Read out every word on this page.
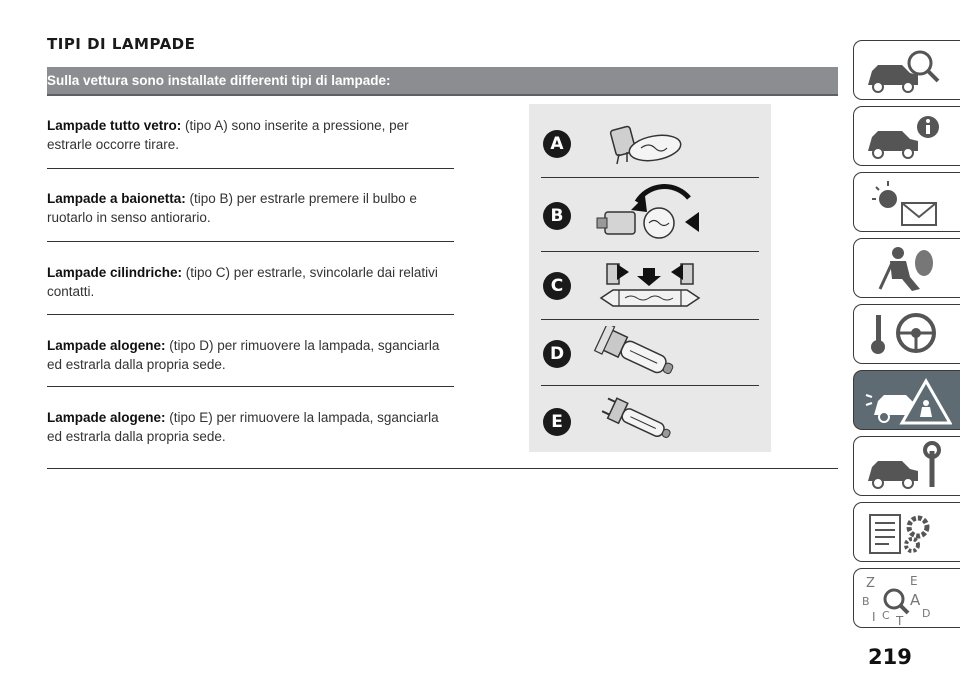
TIPI DI LAMPADE
Sulla vettura sono installate differenti tipi di lampade:
Lampade tutto vetro: (tipo A) sono inserite a pressione, per estrarle occorre tirare.
Lampade a baionetta: (tipo B) per estrarle premere il bulbo e ruotarlo in senso antiorario.
Lampade cilindriche: (tipo C) per estrarle, svincolarle dai relativi contatti.
Lampade alogene: (tipo D) per rimuovere la lampada, sganciarla ed estrarla dalla propria sede.
Lampade alogene: (tipo E) per rimuovere la lampada, sganciarla ed estrarla dalla propria sede.
A
B
C
D
E
Z	E
B	A
D
I C T
219
